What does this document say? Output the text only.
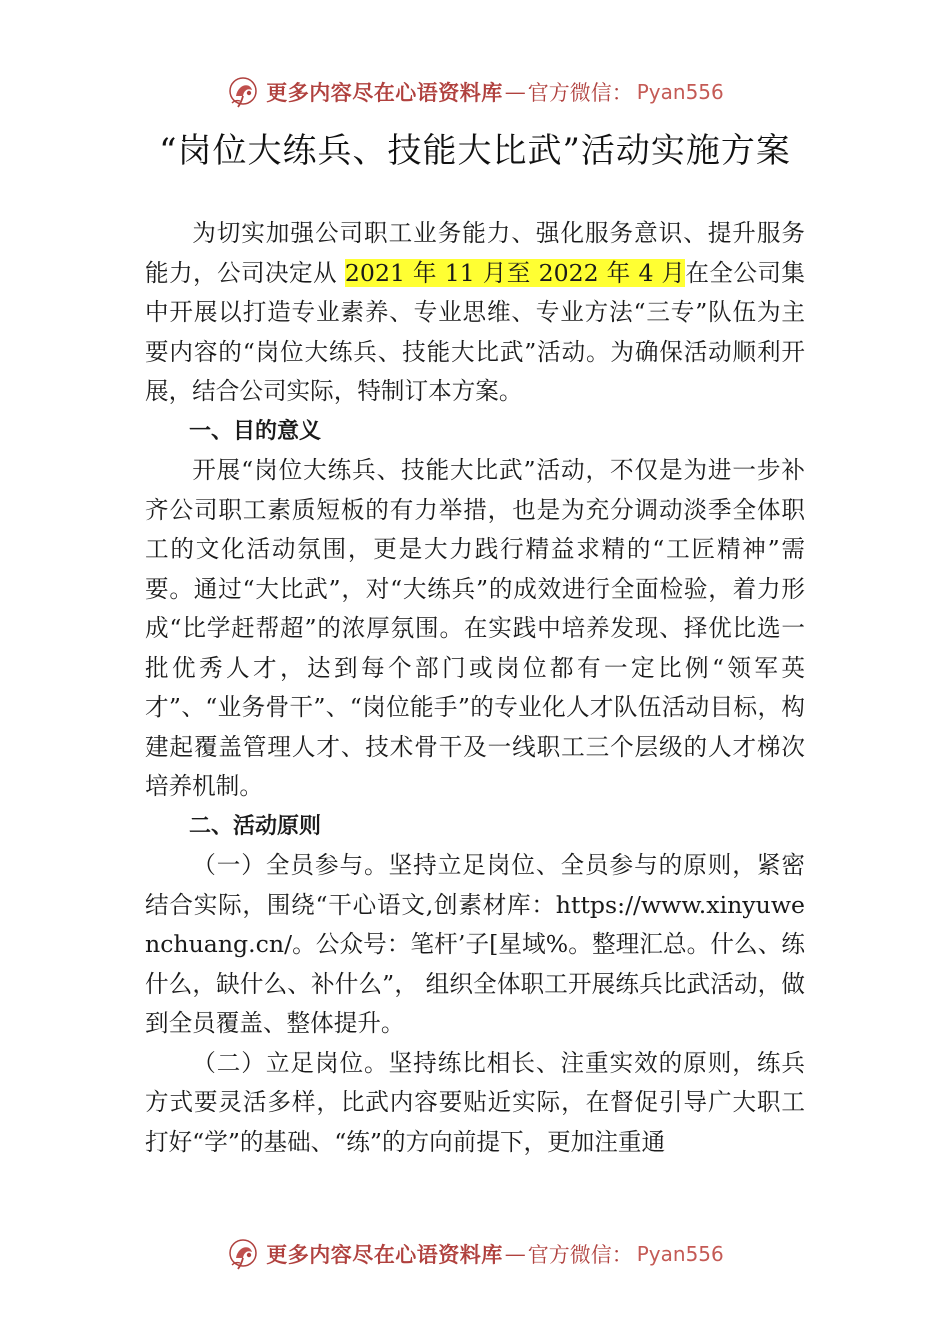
更多内容尽在心语资料库 — 官方微信： Pyan556
“岗位大练兵、技能大比武”活动实施方案

为切实加强公司职工业务能力、强化服务意识、提升服务能力，公司决定从 2021 年 11 月至 2022 年 4 月在全公司集中开展以打造专业素养、专业思维、专业方法“三专”队伍为主要内容的“岗位大练兵、技能大比武”活动。为确保活动顺利开展，结合公司实际，特制订本方案。

一、目的意义

开展“岗位大练兵、技能大比武”活动，不仅是为进一步补齐公司职工素质短板的有力举措，也是为充分调动淡季全体职工的文化活动氛围，更是大力践行精益求精的“工匠精神”需要。通过“大比武”，对“大练兵”的成效进行全面检验，着力形成“比学赶帮超”的浓厚氛围。在实践中培养发现、择优比选一批优秀人才，达到每个部门或岗位都有一定比例“领军英才”、“业务骨干”、“岗位能手”的专业化人才队伍活动目标，构建起覆盖管理人才、技术骨干及一线职工三个层级的人才梯次培养机制。

二、活动原则

（一）全员参与。坚持立足岗位、全员参与的原则，紧密结合实际，围绕“干心语文,创素材库：https://www.xinyuwenchuang.cn/。公众号：笔杆’子[星域%。整理汇总。什么、练什么，缺什么、补什么”， 组织全体职工开展练兵比武活动，做到全员覆盖、整体提升。

（二）立足岗位。坚持练比相长、注重实效的原则，练兵方式要灵活多样，比武内容要贴近实际，在督促引导广大职工打好“学”的基础、“练”的方向前提下，更加注重通

更多内容尽在心语资料库 — 官方微信： Pyan556
